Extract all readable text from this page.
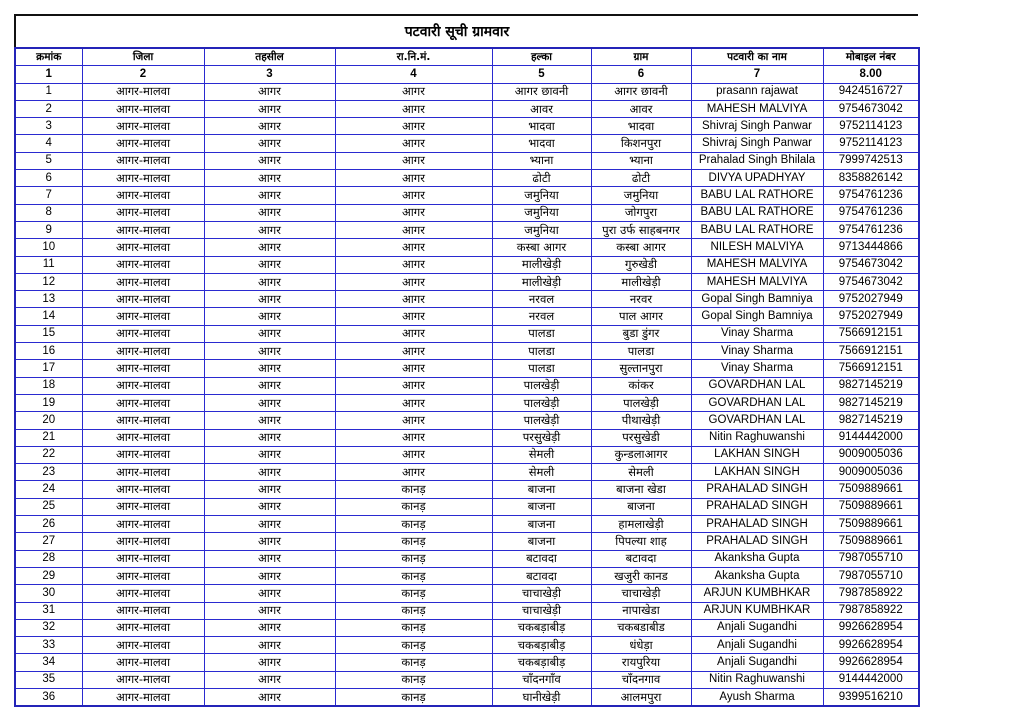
पटवारी सूची ग्रामवार
क्रमांक	जिला	तहसील	रा.नि.मं.	हल्का	ग्राम	पटवारी का नाम	मोबाइल नंबर
1	2	3	4	5	6	7	8.00
1	आगर-मालवा	आगर	आगर	आगर छावनी	आगर छावनी	prasann rajawat	9424516727
2	आगर-मालवा	आगर	आगर	आवर	आवर	MAHESH MALVIYA	9754673042
3	आगर-मालवा	आगर	आगर	भादवा	भादवा	Shivraj Singh Panwar	9752114123
4	आगर-मालवा	आगर	आगर	भादवा	किशनपुरा	Shivraj Singh Panwar	9752114123
5	आगर-मालवा	आगर	आगर	भ्याना	भ्याना	Prahalad Singh Bhilala	7999742513
6	आगर-मालवा	आगर	आगर	ढोटी	ढोटी	DIVYA UPADHYAY	8358826142
7	आगर-मालवा	आगर	आगर	जमुनिया	जमुनिया	BABU LAL RATHORE	9754761236
8	आगर-मालवा	आगर	आगर	जमुनिया	जोगपुरा	BABU LAL RATHORE	9754761236
9	आगर-मालवा	आगर	आगर	जमुनिया	पुरा उर्फ साहबनगर	BABU LAL RATHORE	9754761236
10	आगर-मालवा	आगर	आगर	कस्बा आगर	कस्बा आगर	NILESH MALVIYA	9713444866
11	आगर-मालवा	आगर	आगर	मालीखेड़ी	गुरुखेडी	MAHESH MALVIYA	9754673042
12	आगर-मालवा	आगर	आगर	मालीखेड़ी	मालीखेड़ी	MAHESH MALVIYA	9754673042
13	आगर-मालवा	आगर	आगर	नरवल	नरवर	Gopal Singh Bamniya	9752027949
14	आगर-मालवा	आगर	आगर	नरवल	पाल आगर	Gopal Singh Bamniya	9752027949
15	आगर-मालवा	आगर	आगर	पालडा	बुडा डुंगर	Vinay Sharma	7566912151
16	आगर-मालवा	आगर	आगर	पालडा	पालडा	Vinay Sharma	7566912151
17	आगर-मालवा	आगर	आगर	पालडा	सुल्तानपुरा	Vinay Sharma	7566912151
18	आगर-मालवा	आगर	आगर	पालखेड़ी	कांकर	GOVARDHAN LAL	9827145219
19	आगर-मालवा	आगर	आगर	पालखेड़ी	पालखेड़ी	GOVARDHAN LAL	9827145219
20	आगर-मालवा	आगर	आगर	पालखेड़ी	पीथाखेड़ी	GOVARDHAN LAL	9827145219
21	आगर-मालवा	आगर	आगर	परसुखेड़ी	परसुखेडी	Nitin Raghuwanshi	9144442000
22	आगर-मालवा	आगर	आगर	सेमली	कुन्डलाआगर	LAKHAN SINGH	9009005036
23	आगर-मालवा	आगर	आगर	सेमली	सेमली	LAKHAN SINGH	9009005036
24	आगर-मालवा	आगर	कानड़	बाजना	बाजना खेडा	PRAHALAD SINGH	7509889661
25	आगर-मालवा	आगर	कानड़	बाजना	बाजना	PRAHALAD SINGH	7509889661
26	आगर-मालवा	आगर	कानड़	बाजना	हामलाखेड़ी	PRAHALAD SINGH	7509889661
27	आगर-मालवा	आगर	कानड़	बाजना	पिपल्या शाह	PRAHALAD SINGH	7509889661
28	आगर-मालवा	आगर	कानड़	बटावदा	बटावदा	Akanksha Gupta	7987055710
29	आगर-मालवा	आगर	कानड़	बटावदा	खजुरी कानड	Akanksha Gupta	7987055710
30	आगर-मालवा	आगर	कानड़	चाचाखेड़ी	चाचाखेड़ी	ARJUN KUMBHKAR	7987858922
31	आगर-मालवा	आगर	कानड़	चाचाखेड़ी	नापाखेडा	ARJUN KUMBHKAR	7987858922
32	आगर-मालवा	आगर	कानड़	चकबड़ाबीड़	चकबडाबीड	Anjali Sugandhi	9926628954
33	आगर-मालवा	आगर	कानड़	चकबड़ाबीड़	धंधेड़ा	Anjali Sugandhi	9926628954
34	आगर-मालवा	आगर	कानड़	चकबड़ाबीड़	रायपुरिया	Anjali Sugandhi	9926628954
35	आगर-मालवा	आगर	कानड़	चाँदनगाँव	चाँदनगाव	Nitin Raghuwanshi	9144442000
36	आगर-मालवा	आगर	कानड़	घानीखेड़ी	आलमपुरा	Ayush Sharma	9399516210
